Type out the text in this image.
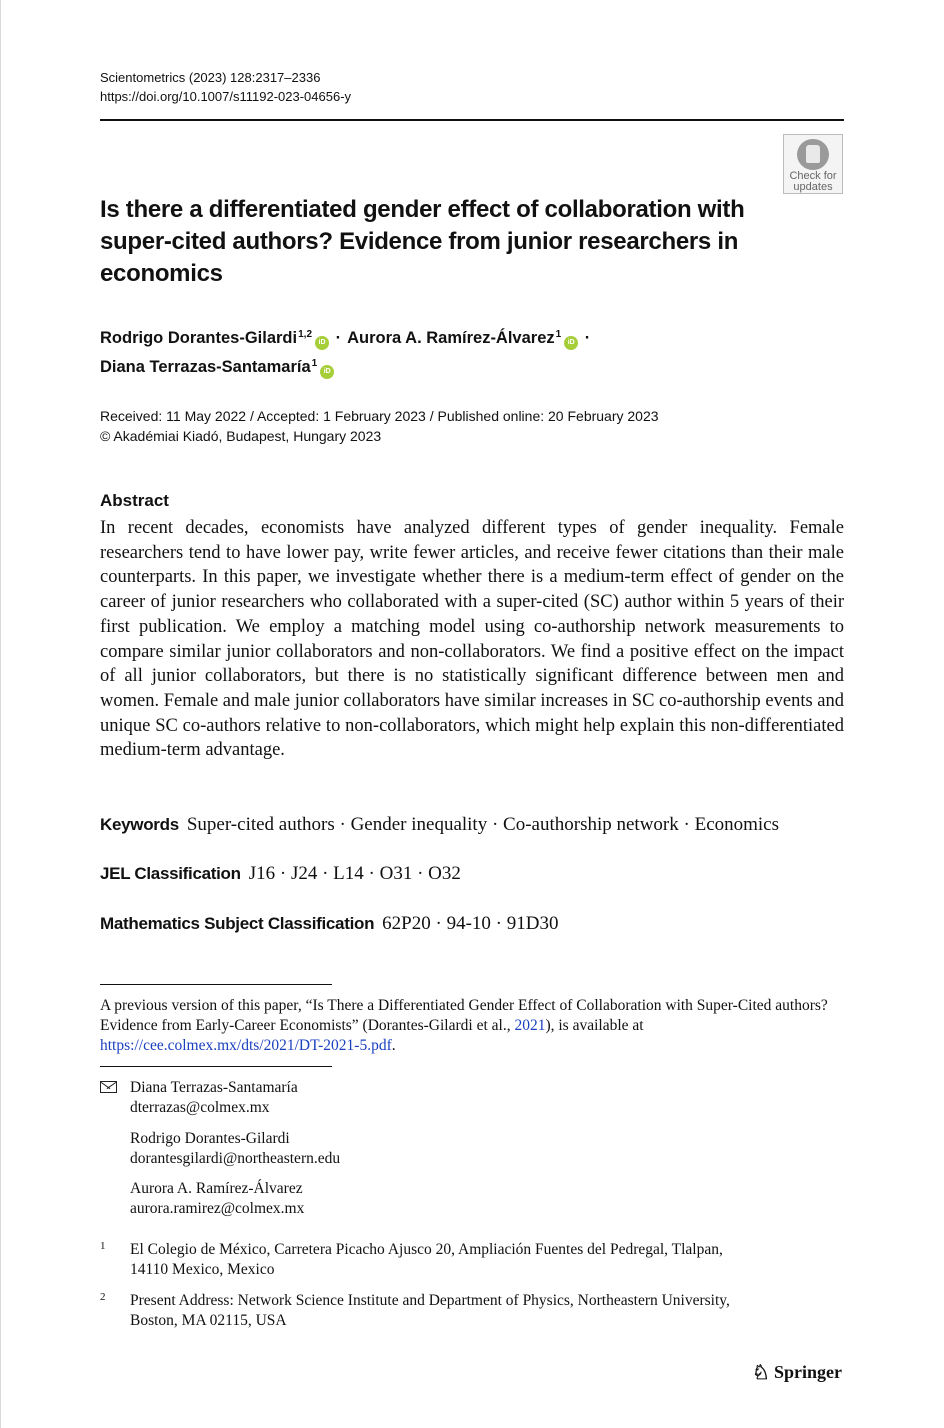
Scientometrics (2023) 128:2317–2336
https://doi.org/10.1007/s11192-023-04656-y
Check for updates
Is there a differentiated gender effect of collaboration with super-cited authors? Evidence from junior researchers in economics
Rodrigo Dorantes-Gilardi$^{1,2}$iD · Aurora A. Ramírez-Álvarez$^1$iD ·
Diana Terrazas-Santamaría$^1$iD
Received: 11 May 2022 / Accepted: 1 February 2023 / Published online: 20 February 2023
© Akadémiai Kiadó, Budapest, Hungary 2023
Abstract
In recent decades, economists have analyzed different types of gender inequality. Female researchers tend to have lower pay, write fewer articles, and receive fewer citations than their male counterparts. In this paper, we investigate whether there is a medium-term effect of gender on the career of junior researchers who collaborated with a super-cited (SC) author within 5 years of their first publication. We employ a matching model using co-authorship network measurements to compare similar junior collaborators and non-collaborators. We find a positive effect on the impact of all junior collaborators, but there is no statistically significant difference between men and women. Female and male junior collaborators have similar increases in SC co-authorship events and unique SC co-authors relative to non-collaborators, which might help explain this non-differentiated medium-term advantage.
Keywords Super-cited authors · Gender inequality · Co-authorship network · Economics
JEL Classification J16 · J24 · L14 · O31 · O32
Mathematics Subject Classification 62P20 · 94-10 · 91D30
A previous version of this paper, “Is There a Differentiated Gender Effect of Collaboration with Super-Cited authors? Evidence from Early-Career Economists” (Dorantes-Gilardi et al., 2021), is available at
https://cee.colmex.mx/dts/2021/DT-2021-5.pdf.
Diana Terrazas-Santamaría
dterrazas@colmex.mx
Rodrigo Dorantes-Gilardi
dorantesgilardi@northeastern.edu
Aurora A. Ramírez-Álvarez
aurora.ramirez@colmex.mx
1 El Colegio de México, Carretera Picacho Ajusco 20, Ampliación Fuentes del Pedregal, Tlalpan,
14110 Mexico, Mexico
2 Present Address: Network Science Institute and Department of Physics, Northeastern University,
Boston, MA 02115, USA
♘ Springer
